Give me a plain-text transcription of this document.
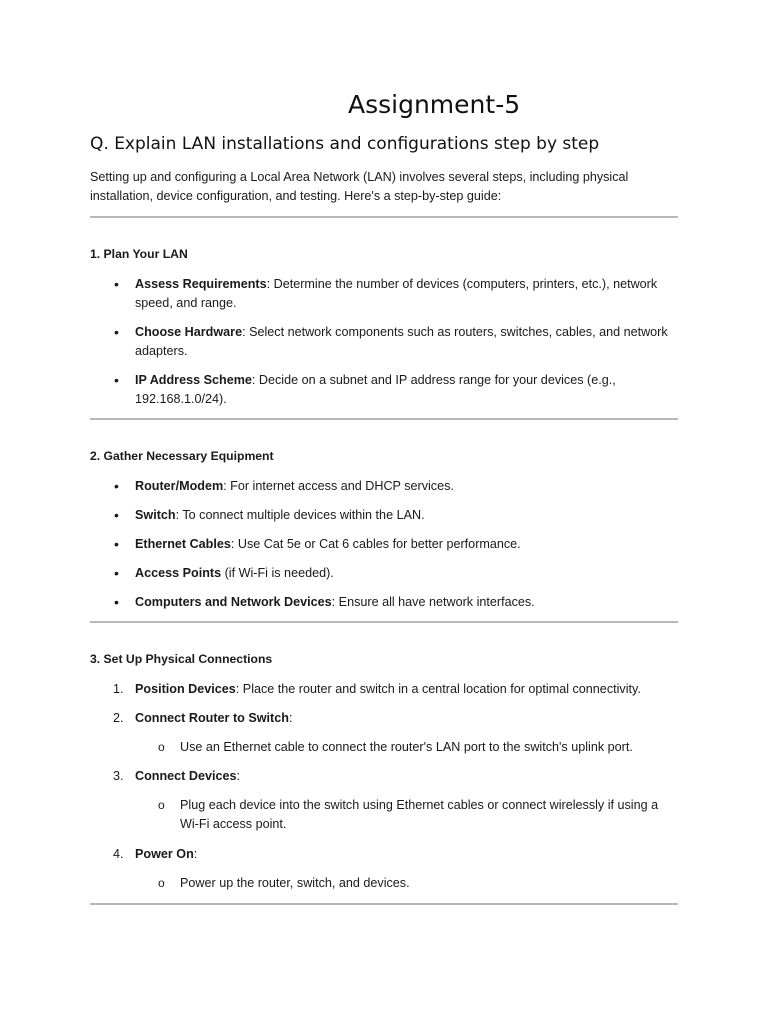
Assignment-5
Q. Explain LAN installations and configurations step by step
Setting up and configuring a Local Area Network (LAN) involves several steps, including physical installation, device configuration, and testing. Here's a step-by-step guide:
1. Plan Your LAN
•	Assess Requirements: Determine the number of devices (computers, printers, etc.), network speed, and range.
•	Choose Hardware: Select network components such as routers, switches, cables, and network adapters.
•	IP Address Scheme: Decide on a subnet and IP address range for your devices (e.g., 192.168.1.0/24).
2. Gather Necessary Equipment
•	Router/Modem: For internet access and DHCP services.
•	Switch: To connect multiple devices within the LAN.
•	Ethernet Cables: Use Cat 5e or Cat 6 cables for better performance.
•	Access Points (if Wi-Fi is needed).
•	Computers and Network Devices: Ensure all have network interfaces.
3. Set Up Physical Connections
1. Position Devices: Place the router and switch in a central location for optimal connectivity.
2. Connect Router to Switch:
o	Use an Ethernet cable to connect the router's LAN port to the switch's uplink port.
3. Connect Devices:
o	Plug each device into the switch using Ethernet cables or connect wirelessly if using a Wi-Fi access point.
4. Power On:
o	Power up the router, switch, and devices.
